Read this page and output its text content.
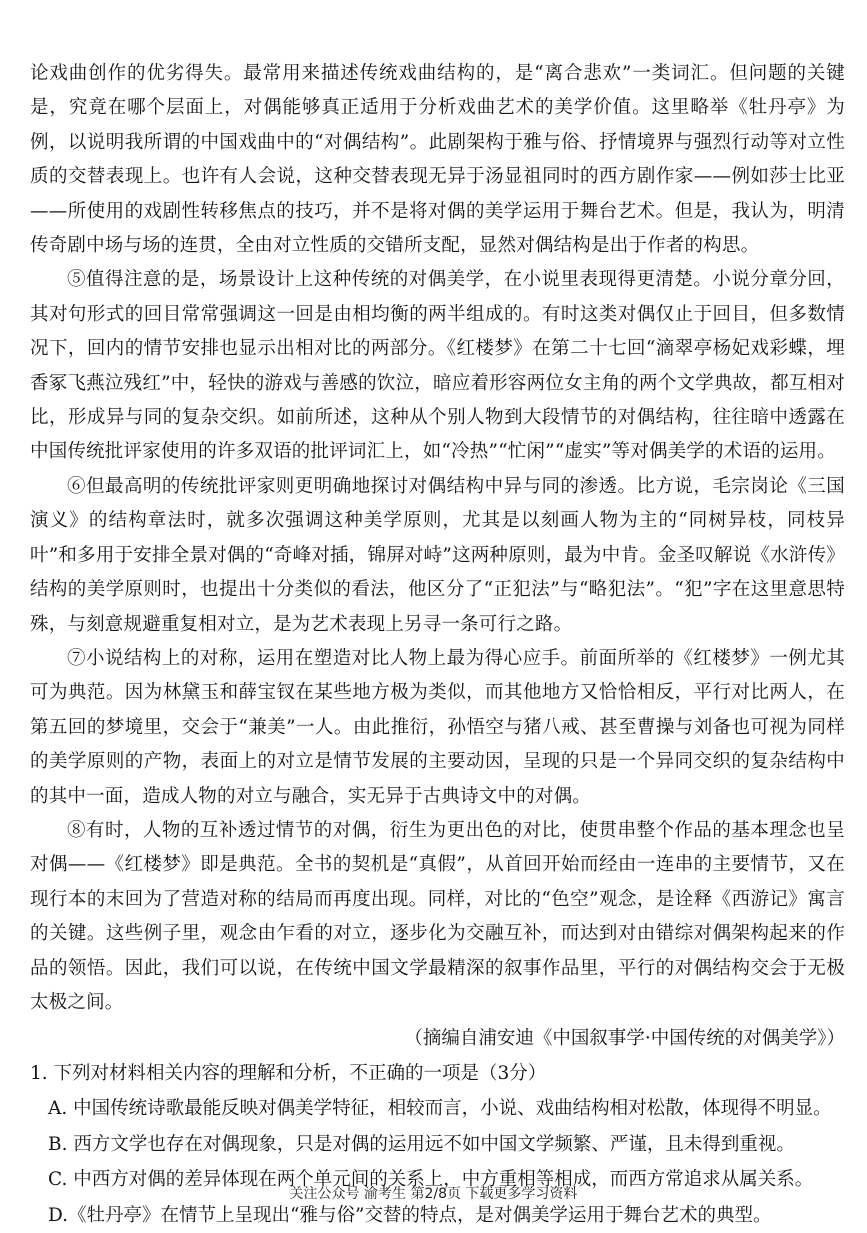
论戏曲创作的优劣得失。最常用来描述传统戏曲结构的，是“离合悲欢”一类词汇。但问题的关键是，究竟在哪个层面上，对偶能够真正适用于分析戏曲艺术的美学价值。这里略举《牡丹亭》为例，以说明我所谓的中国戏曲中的“对偶结构”。此剧架构于雅与俗、抒情境界与强烈行动等对立性质的交替表现上。也许有人会说，这种交替表现无异于汤显祖同时的西方剧作家——例如莎士比亚——所使用的戏剧性转移焦点的技巧，并不是将对偶的美学运用于舞台艺术。但是，我认为，明清传奇剧中场与场的连贯，全由对立性质的交错所支配，显然对偶结构是出于作者的构思。

⑤值得注意的是，场景设计上这种传统的对偶美学，在小说里表现得更清楚。小说分章分回，其对句形式的回目常常强调这一回是由相均衡的两半组成的。有时这类对偶仅止于回目，但多数情况下，回内的情节安排也显示出相对比的两部分。《红楼梦》在第二十七回“滴翠亭杨妃戏彩蝶，埋香冢飞燕泣残红”中，轻快的游戏与善感的饮泣，暗应着形容两位女主角的两个文学典故，都互相对比，形成异与同的复杂交织。如前所述，这种从个别人物到大段情节的对偶结构，往往暗中透露在中国传统批评家使用的许多双语的批评词汇上，如“冷热”“忙闲”“虚实”等对偶美学的术语的运用。

⑥但最高明的传统批评家则更明确地探讨对偶结构中异与同的渗透。比方说，毛宗岗论《三国演义》的结构章法时，就多次强调这种美学原则，尤其是以刻画人物为主的“同树异枝，同枝异叶”和多用于安排全景对偶的“奇峰对插，锦屏对峙”这两种原则，最为中肯。金圣叹解说《水浒传》结构的美学原则时，也提出十分类似的看法，他区分了“正犯法”与“略犯法”。“犯”字在这里意思特殊，与刻意规避重复相对立，是为艺术表现上另寻一条可行之路。

⑦小说结构上的对称，运用在塑造对比人物上最为得心应手。前面所举的《红楼梦》一例尤其可为典范。因为林黛玉和薛宝钗在某些地方极为类似，而其他地方又恰恰相反，平行对比两人，在第五回的梦境里，交会于“兼美”一人。由此推衍，孙悟空与猪八戒、甚至曹操与刘备也可视为同样的美学原则的产物，表面上的对立是情节发展的主要动因，呈现的只是一个异同交织的复杂结构中的其中一面，造成人物的对立与融合，实无异于古典诗文中的对偶。

⑧有时，人物的互补透过情节的对偶，衍生为更出色的对比，使贯串整个作品的基本理念也呈对偶——《红楼梦》即是典范。全书的契机是“真假”，从首回开始而经由一连串的主要情节，又在现行本的末回为了营造对称的结局而再度出现。同样，对比的“色空”观念，是诠释《西游记》寓言的关键。这些例子里，观念由乍看的对立，逐步化为交融互补，而达到对由错综对偶架构起来的作品的领悟。因此，我们可以说，在传统中国文学最精深的叙事作品里，平行的对偶结构交会于无极太极之间。

（摘编自浦安迪《中国叙事学·中国传统的对偶美学》）

1. 下列对材料相关内容的理解和分析，不正确的一项是（3分）

A. 中国传统诗歌最能反映对偶美学特征，相较而言，小说、戏曲结构相对松散，体现得不明显。

B. 西方文学也存在对偶现象，只是对偶的运用远不如中国文学频繁、严谨，且未得到重视。

C. 中西方对偶的差异体现在两个单元间的关系上，中方重相等相成，而西方常追求从属关系。

D.《牡丹亭》在情节上呈现出“雅与俗”交替的特点，是对偶美学运用于舞台艺术的典型。

关注公众号 渝考生 第2/8页 下载更多学习资料
